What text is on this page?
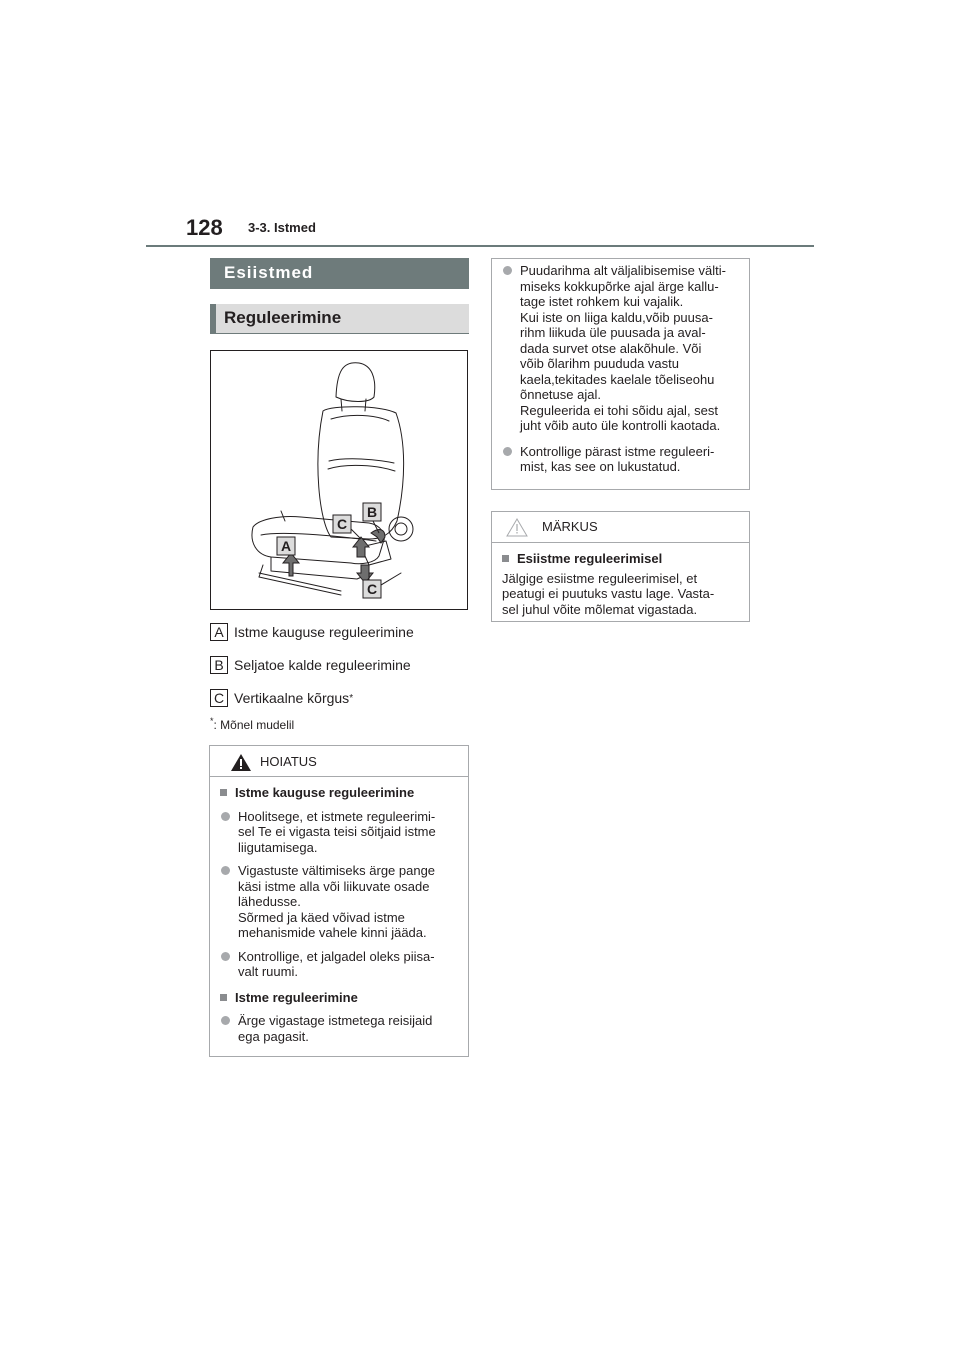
128 3-3. Istmed
Esiistmed
Reguleerimine
C
B
A
C
A Istme kauguse reguleerimine
B Seljatoe kalde reguleerimine
C Vertikaalne kõrgus *
*: Mõnel mudelil
HOIATUS
Istme kauguse reguleerimine
Hoolitsege, et istmete reguleerimi-
sel Te ei vigasta teisi sõitjaid istme
liigutamisega.
Vigastuste vältimiseks ärge pange
käsi istme alla või liikuvate osade
lähedusse.
Sõrmed ja käed võivad istme
mehanismide vahele kinni jääda.
Kontrollige, et jalgadel oleks piisa-
valt ruumi.
Istme reguleerimine
Ärge vigastage istmetega reisijaid
ega pagasit.
Puudarihma alt väljalibisemise välti-
miseks kokkupõrke ajal ärge kallu-
tage istet rohkem kui vajalik.
Kui iste on liiga kaldu,võib puusa-
rihm liikuda üle puusada ja aval-
dada survet otse alakõhule. Või
võib õlarihm puududa vastu
kaela,tekitades kaelale tõeliseohu
õnnetuse ajal.
Reguleerida ei tohi sõidu ajal, sest
juht võib auto üle kontrolli kaotada.
Kontrollige pärast istme reguleeri-
mist, kas see on lukustatud.
MÄRKUS
Esiistme reguleerimisel
Jälgige esiistme reguleerimisel, et
peatugi ei puutuks vastu lage. Vasta-
sel juhul võite mõlemat vigastada.
